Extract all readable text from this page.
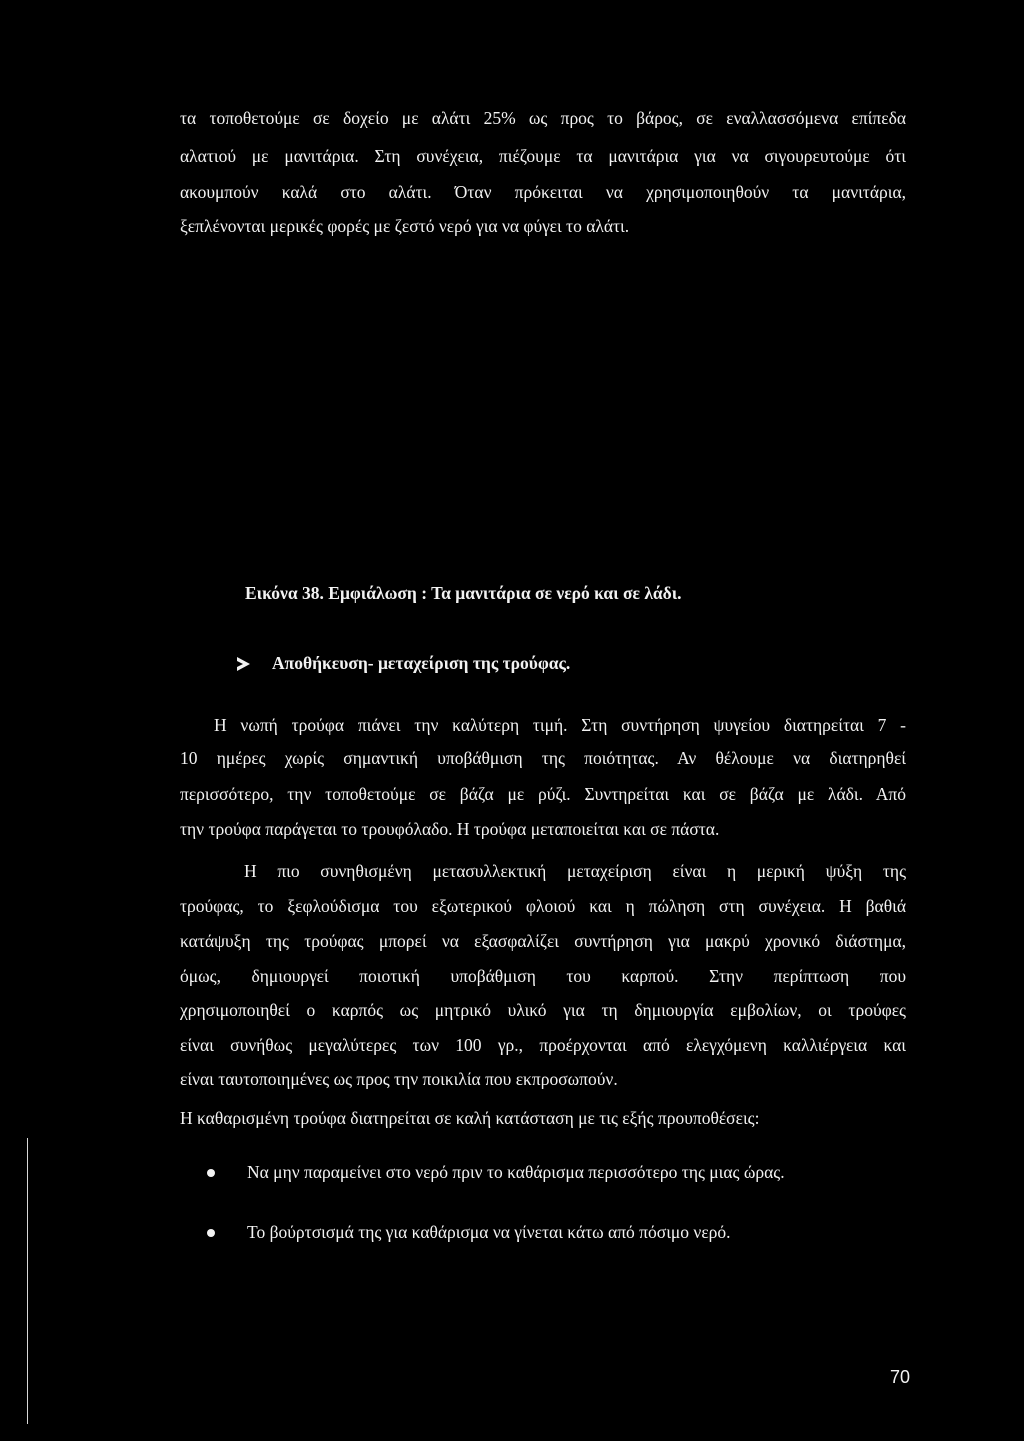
τα τοποθετούμε σε δοχείο με αλάτι 25% ως προς το βάρος, σε εναλλασσόμενα επίπεδα
αλατιού με μανιτάρια. Στη συνέχεια, πιέζουμε τα μανιτάρια για να σιγουρευτούμε ότι
ακουμπούν καλά στο αλάτι. Όταν πρόκειται να χρησιμοποιηθούν τα μανιτάρια,
ξεπλένονται μερικές φορές με ζεστό νερό για να φύγει το αλάτι.
Εικόνα 38. Εμφιάλωση : Τα μανιτάρια σε νερό και σε λάδι.
Αποθήκευση- μεταχείριση της τρούφας.
Η νωπή τρούφα πιάνει την καλύτερη τιμή. Στη συντήρηση ψυγείου διατηρείται 7 -
10 ημέρες χωρίς σημαντική υποβάθμιση της ποιότητας. Αν θέλουμε να διατηρηθεί
περισσότερο, την τοποθετούμε σε βάζα με ρύζι. Συντηρείται και σε βάζα με λάδι. Από
την τρούφα παράγεται το τρουφόλαδο. Η τρούφα μεταποιείται και σε πάστα.
Η πιο συνηθισμένη μετασυλλεκτική μεταχείριση είναι η μερική ψύξη της
τρούφας, το ξεφλούδισμα του εξωτερικού φλοιού και η πώληση στη συνέχεια. Η βαθιά
κατάψυξη της τρούφας μπορεί να εξασφαλίζει συντήρηση για μακρύ χρονικό διάστημα,
όμως, δημιουργεί ποιοτική υποβάθμιση του καρπού. Στην περίπτωση που
χρησιμοποιηθεί ο καρπός ως μητρικό υλικό για τη δημιουργία εμβολίων, οι τρούφες
είναι συνήθως μεγαλύτερες των 100 γρ., προέρχονται από ελεγχόμενη καλλιέργεια και
είναι ταυτοποιημένες ως προς την ποικιλία που εκπροσωπούν.
Η καθαρισμένη τρούφα διατηρείται σε καλή κατάσταση με τις εξής προυποθέσεις:
Να μην παραμείνει στο νερό πριν το καθάρισμα περισσότερο της μιας ώρας.
Το βούρτσισμά της για καθάρισμα να γίνεται κάτω από πόσιμο νερό.
70
